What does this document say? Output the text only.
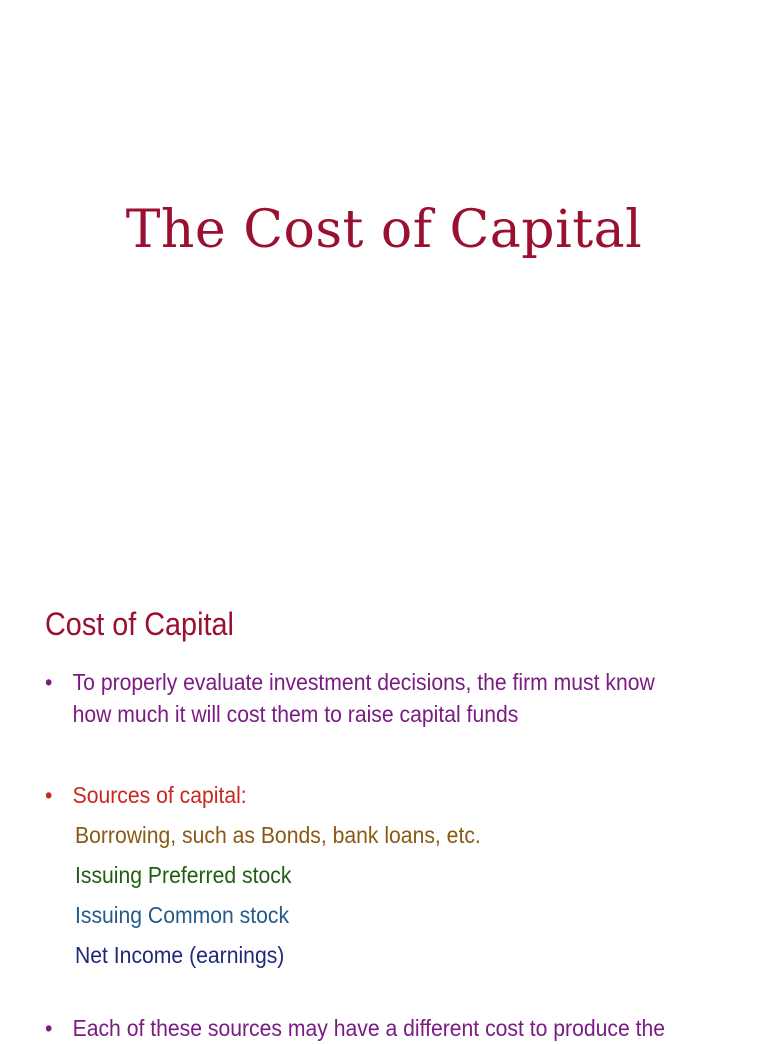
The Cost of Capital
Cost of Capital
• To properly evaluate investment decisions, the firm must know how much it will cost them to raise capital funds
• Sources of capital:
Borrowing, such as Bonds, bank loans, etc.
Issuing Preferred stock
Issuing Common stock
Net Income (earnings)
• Each of these sources may have a different cost to produce the
